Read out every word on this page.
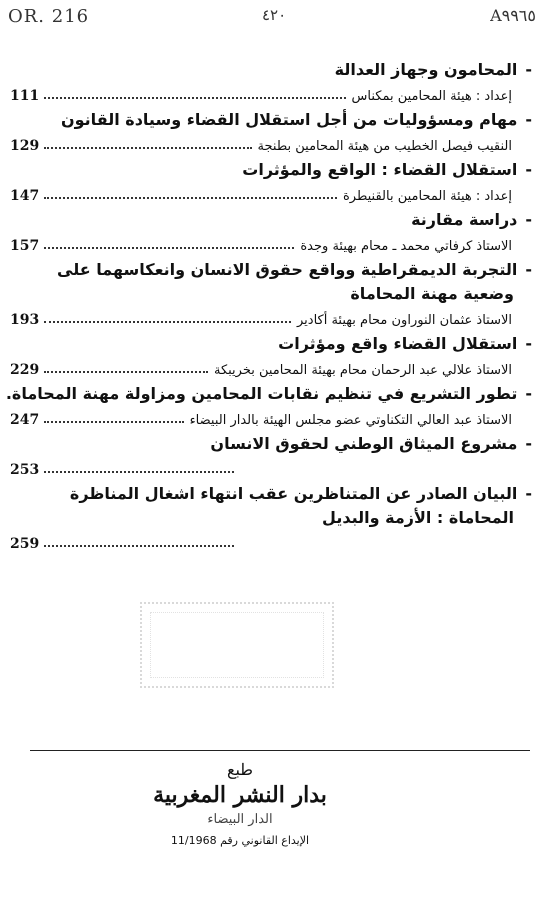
OR. 216	٤٢٠	A٩٩٦٥
-المحامون وجهاز العدالة
111	إعداد : هيئة المحامين بمكناس
-مهام ومسؤوليات من أجل استقلال القضاء وسيادة القانون
129	النقيب فيصل الخطيب من هيئة المحامين بطنجة
-استقلال القضاء : الواقع والمؤثرات
147	إعداد : هيئة المحامين بالقنيطرة
-دراسة مقارنة
157	الاستاذ كرفاتي محمد ـ محام بهيئة وجدة
-التجربة الديمقراطية وواقع حقوق الانسان وانعكاسهما على
وضعية مهنة المحاماة
193	الاستاذ عثمان النوراون محام بهيئة أكادير
-استقلال القضاء واقع ومؤثرات
229	الاستاذ علالي عبد الرحمان محام بهيئة المحامين بخريبكة
-تطور التشريع في تنظيم نقابات المحامين ومزاولة مهنة المحاماة.
247	الاستاذ عبد العالي التكناوتي عضو مجلس الهيئة بالدار البيضاء
-مشروع الميثاق الوطني لحقوق الانسان
253
-البيان الصادر عن المتناظرين عقب انتهاء اشغال المناظرة
المحاماة : الأزمة والبديل
259
طبع
بدار النشر المغربية
الدار البيضاء
الإيداع القانوني رقم 11/1968
